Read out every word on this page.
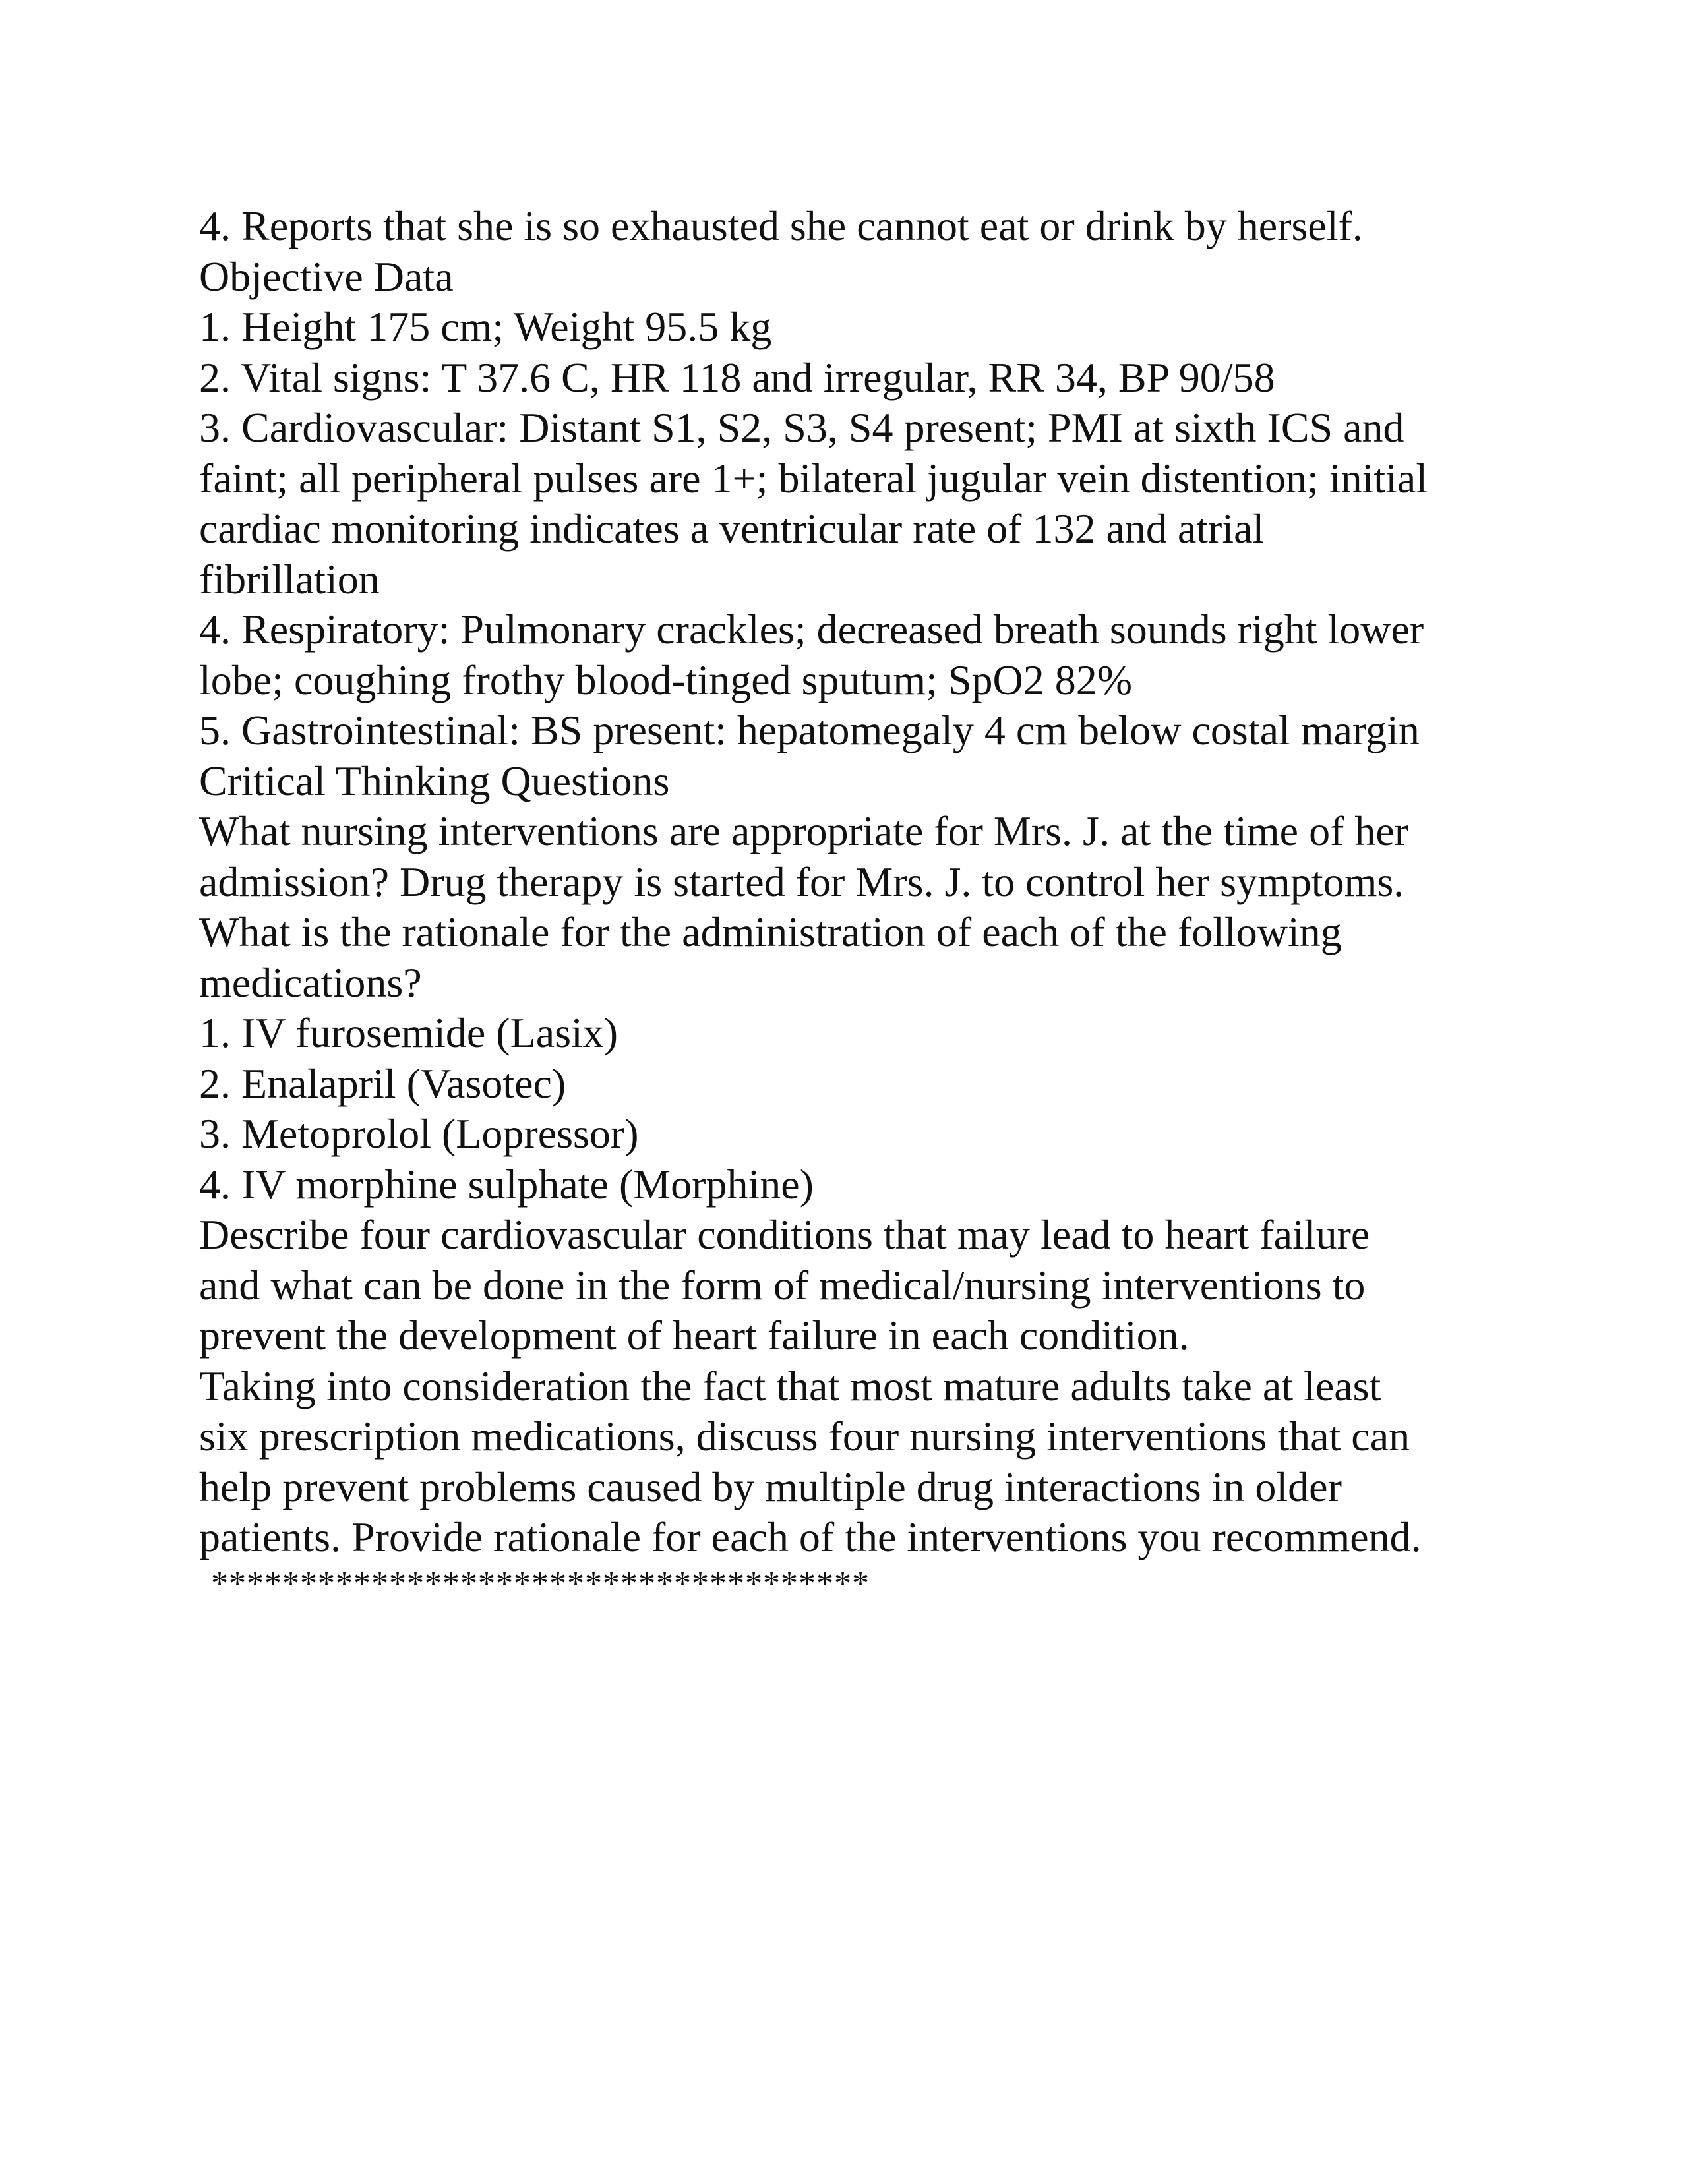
4. Reports that she is so exhausted she cannot eat or drink by herself.
Objective Data
1. Height 175 cm; Weight 95.5 kg
2. Vital signs: T 37.6 C, HR 118 and irregular, RR 34, BP 90/58
3. Cardiovascular: Distant S1, S2, S3, S4 present; PMI at sixth ICS and
faint; all peripheral pulses are 1+; bilateral jugular vein distention; initial
cardiac monitoring indicates a ventricular rate of 132 and atrial
fibrillation
4. Respiratory: Pulmonary crackles; decreased breath sounds right lower
lobe; coughing frothy blood-tinged sputum; SpO2 82%
5. Gastrointestinal: BS present: hepatomegaly 4 cm below costal margin
Critical Thinking Questions
What nursing interventions are appropriate for Mrs. J. at the time of her
admission? Drug therapy is started for Mrs. J. to control her symptoms.
What is the rationale for the administration of each of the following
medications?
1. IV furosemide (Lasix)
2. Enalapril (Vasotec)
3. Metoprolol (Lopressor)
4. IV morphine sulphate (Morphine)
Describe four cardiovascular conditions that may lead to heart failure
and what can be done in the form of medical/nursing interventions to
prevent the development of heart failure in each condition.
Taking into consideration the fact that most mature adults take at least
six prescription medications, discuss four nursing interventions that can
help prevent problems caused by multiple drug interactions in older
patients. Provide rationale for each of the interventions you recommend.
*************************************
